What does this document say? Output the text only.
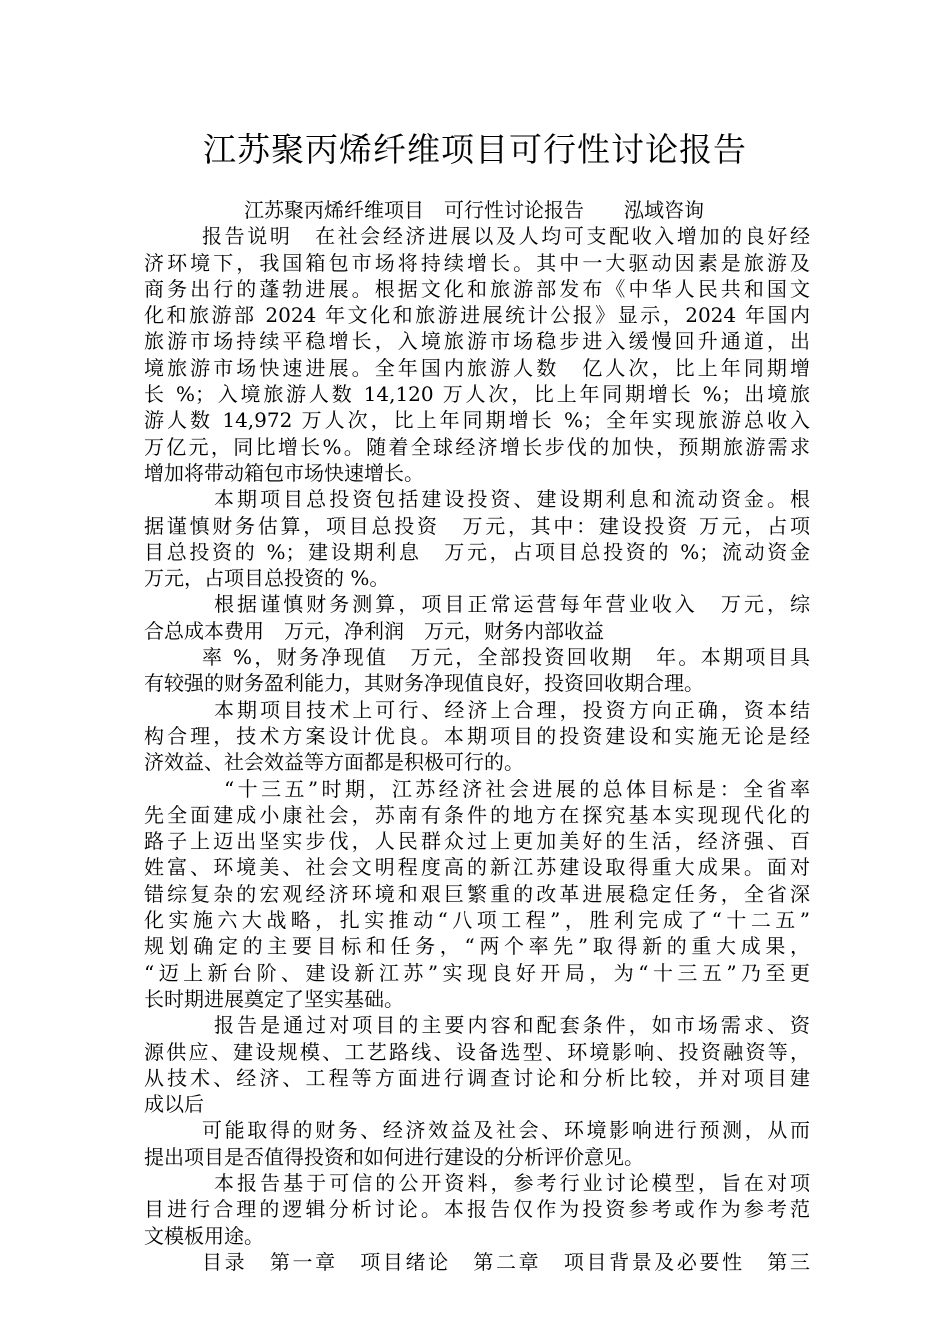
江苏聚丙烯纤维项目可行性讨论报告
江苏聚丙烯纤维项目　可行性讨论报告　　泓域咨询
报告说明　在社会经济进展以及人均可支配收入增加的良好经
济环境下，我国箱包市场将持续增长。其中一大驱动因素是旅游及
商务出行的蓬勃进展。根据文化和旅游部发布《中华人民共和国文
化和旅游部 2024 年文化和旅游进展统计公报》显示，2024 年国内
旅游市场持续平稳增长，入境旅游市场稳步进入缓慢回升通道，出
境旅游市场快速进展。全年国内旅游人数　亿人次，比上年同期增
长 %；入境旅游人数 14,120 万人次，比上年同期增长 %；出境旅
游人数 14,972 万人次，比上年同期增长 %；全年实现旅游总收入
万亿元，同比增长%。随着全球经济增长步伐的加快，预期旅游需求
增加将带动箱包市场快速增长。
本期项目总投资包括建设投资、建设期利息和流动资金。根
据谨慎财务估算，项目总投资　万元，其中：建设投资 万元，占项
目总投资的 %；建设期利息　万元，占项目总投资的 %；流动资金
万元，占项目总投资的 %。
根据谨慎财务测算，项目正常运营每年营业收入　万元，综
合总成本费用　万元，净利润　万元，财务内部收益
率 %，财务净现值　万元，全部投资回收期　年。本期项目具
有较强的财务盈利能力，其财务净现值良好，投资回收期合理。
本期项目技术上可行、经济上合理，投资方向正确，资本结
构合理，技术方案设计优良。本期项目的投资建设和实施无论是经
济效益、社会效益等方面都是积极可行的。
“十三五”时期，江苏经济社会进展的总体目标是：全省率
先全面建成小康社会，苏南有条件的地方在探究基本实现现代化的
路子上迈出坚实步伐，人民群众过上更加美好的生活，经济强、百
姓富、环境美、社会文明程度高的新江苏建设取得重大成果。面对
错综复杂的宏观经济环境和艰巨繁重的改革进展稳定任务，全省深
化实施六大战略，扎实推动“八项工程”，胜利完成了“十二五”
规划确定的主要目标和任务，“两个率先”取得新的重大成果，
“迈上新台阶、建设新江苏”实现良好开局，为“十三五”乃至更
长时期进展奠定了坚实基础。
报告是通过对项目的主要内容和配套条件，如市场需求、资
源供应、建设规模、工艺路线、设备选型、环境影响、投资融资等，
从技术、经济、工程等方面进行调查讨论和分析比较，并对项目建
成以后
可能取得的财务、经济效益及社会、环境影响进行预测，从而
提出项目是否值得投资和如何进行建设的分析评价意见。
本报告基于可信的公开资料，参考行业讨论模型，旨在对项
目进行合理的逻辑分析讨论。本报告仅作为投资参考或作为参考范
文模板用途。
目录　第一章　项目绪论　第二章　项目背景及必要性　第三
